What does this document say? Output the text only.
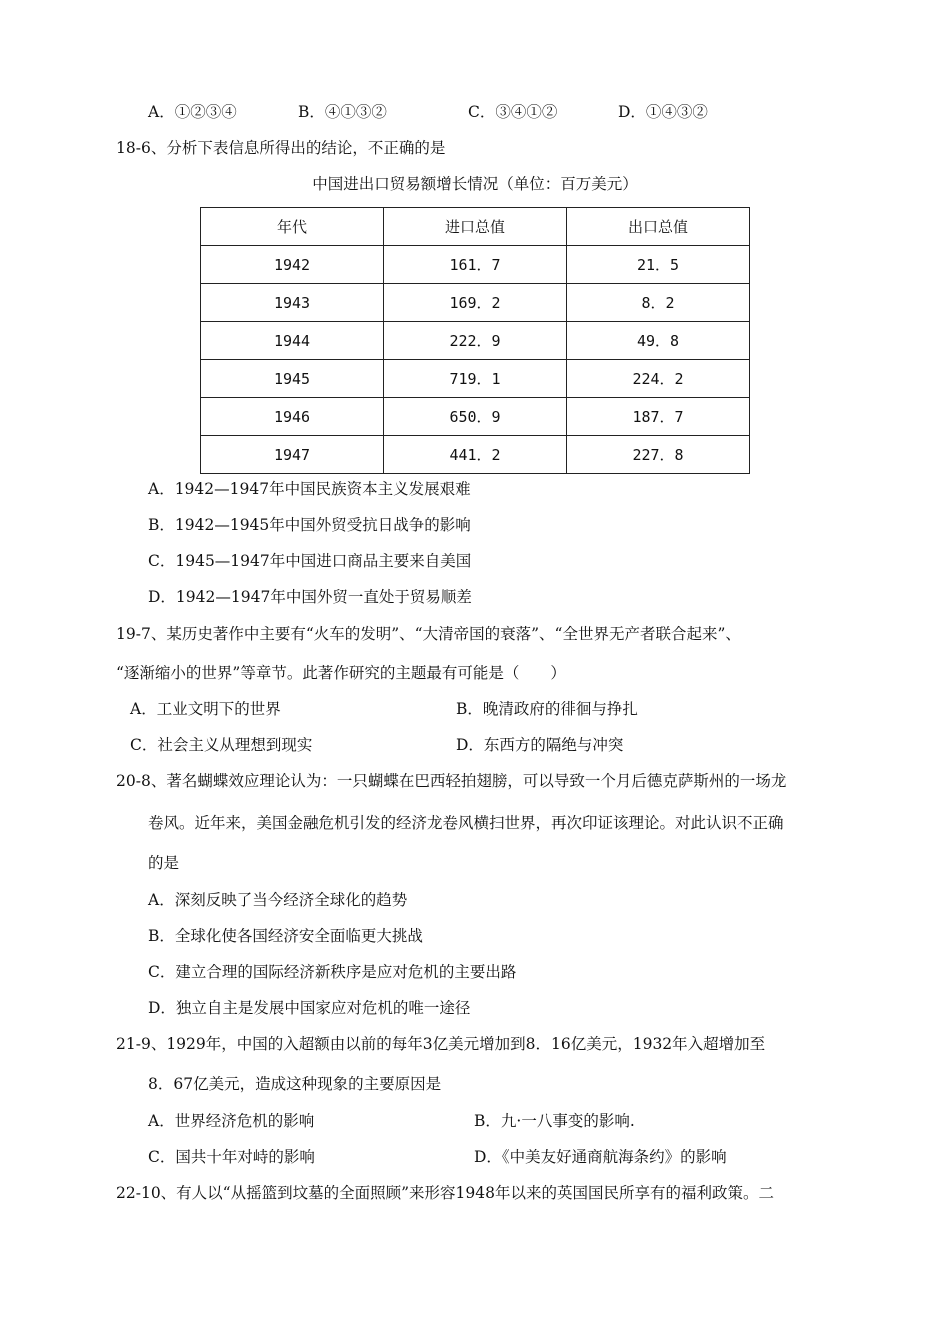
A．①②③④	B．④①③②	C．③④①②	D．①④③②
18-6、分析下表信息所得出的结论，不正确的是
中国进出口贸易额增长情况（单位：百万美元）
年代	进口总值	出口总值
1942	161．7	21．5
1943	169．2	8．2
1944	222．9	49．8
1945	719．1	224．2
1946	650．9	187．7
1947	441．2	227．8
A．1942—1947年中国民族资本主义发展艰难
B．1942—1945年中国外贸受抗日战争的影响
C．1945—1947年中国进口商品主要来自美国
D．1942—1947年中国外贸一直处于贸易顺差
19-7、某历史著作中主要有“火车的发明”、“大清帝国的衰落”、“全世界无产者联合起来”、
“逐渐缩小的世界”等章节。此著作研究的主题最有可能是（　　）
A．工业文明下的世界	B．晚清政府的徘徊与挣扎
C．社会主义从理想到现实	D．东西方的隔绝与冲突
20-8、著名蝴蝶效应理论认为：一只蝴蝶在巴西轻拍翅膀，可以导致一个月后德克萨斯州的一场龙
卷风。近年来，美国金融危机引发的经济龙卷风横扫世界，再次印证该理论。对此认识不正确
的是
A．深刻反映了当今经济全球化的趋势
B．全球化使各国经济安全面临更大挑战
C．建立合理的国际经济新秩序是应对危机的主要出路
D．独立自主是发展中国家应对危机的唯一途径
21-9、1929年，中国的入超额由以前的每年3亿美元增加到8．16亿美元，1932年入超增加至
8．67亿美元，造成这种现象的主要原因是
A．世界经济危机的影响	B．九·一八事变的影响.
C．国共十年对峙的影响	D．《中美友好通商航海条约》的影响
22-10、有人以“从摇篮到坟墓的全面照顾”来形容1948年以来的英国国民所享有的福利政策。二
